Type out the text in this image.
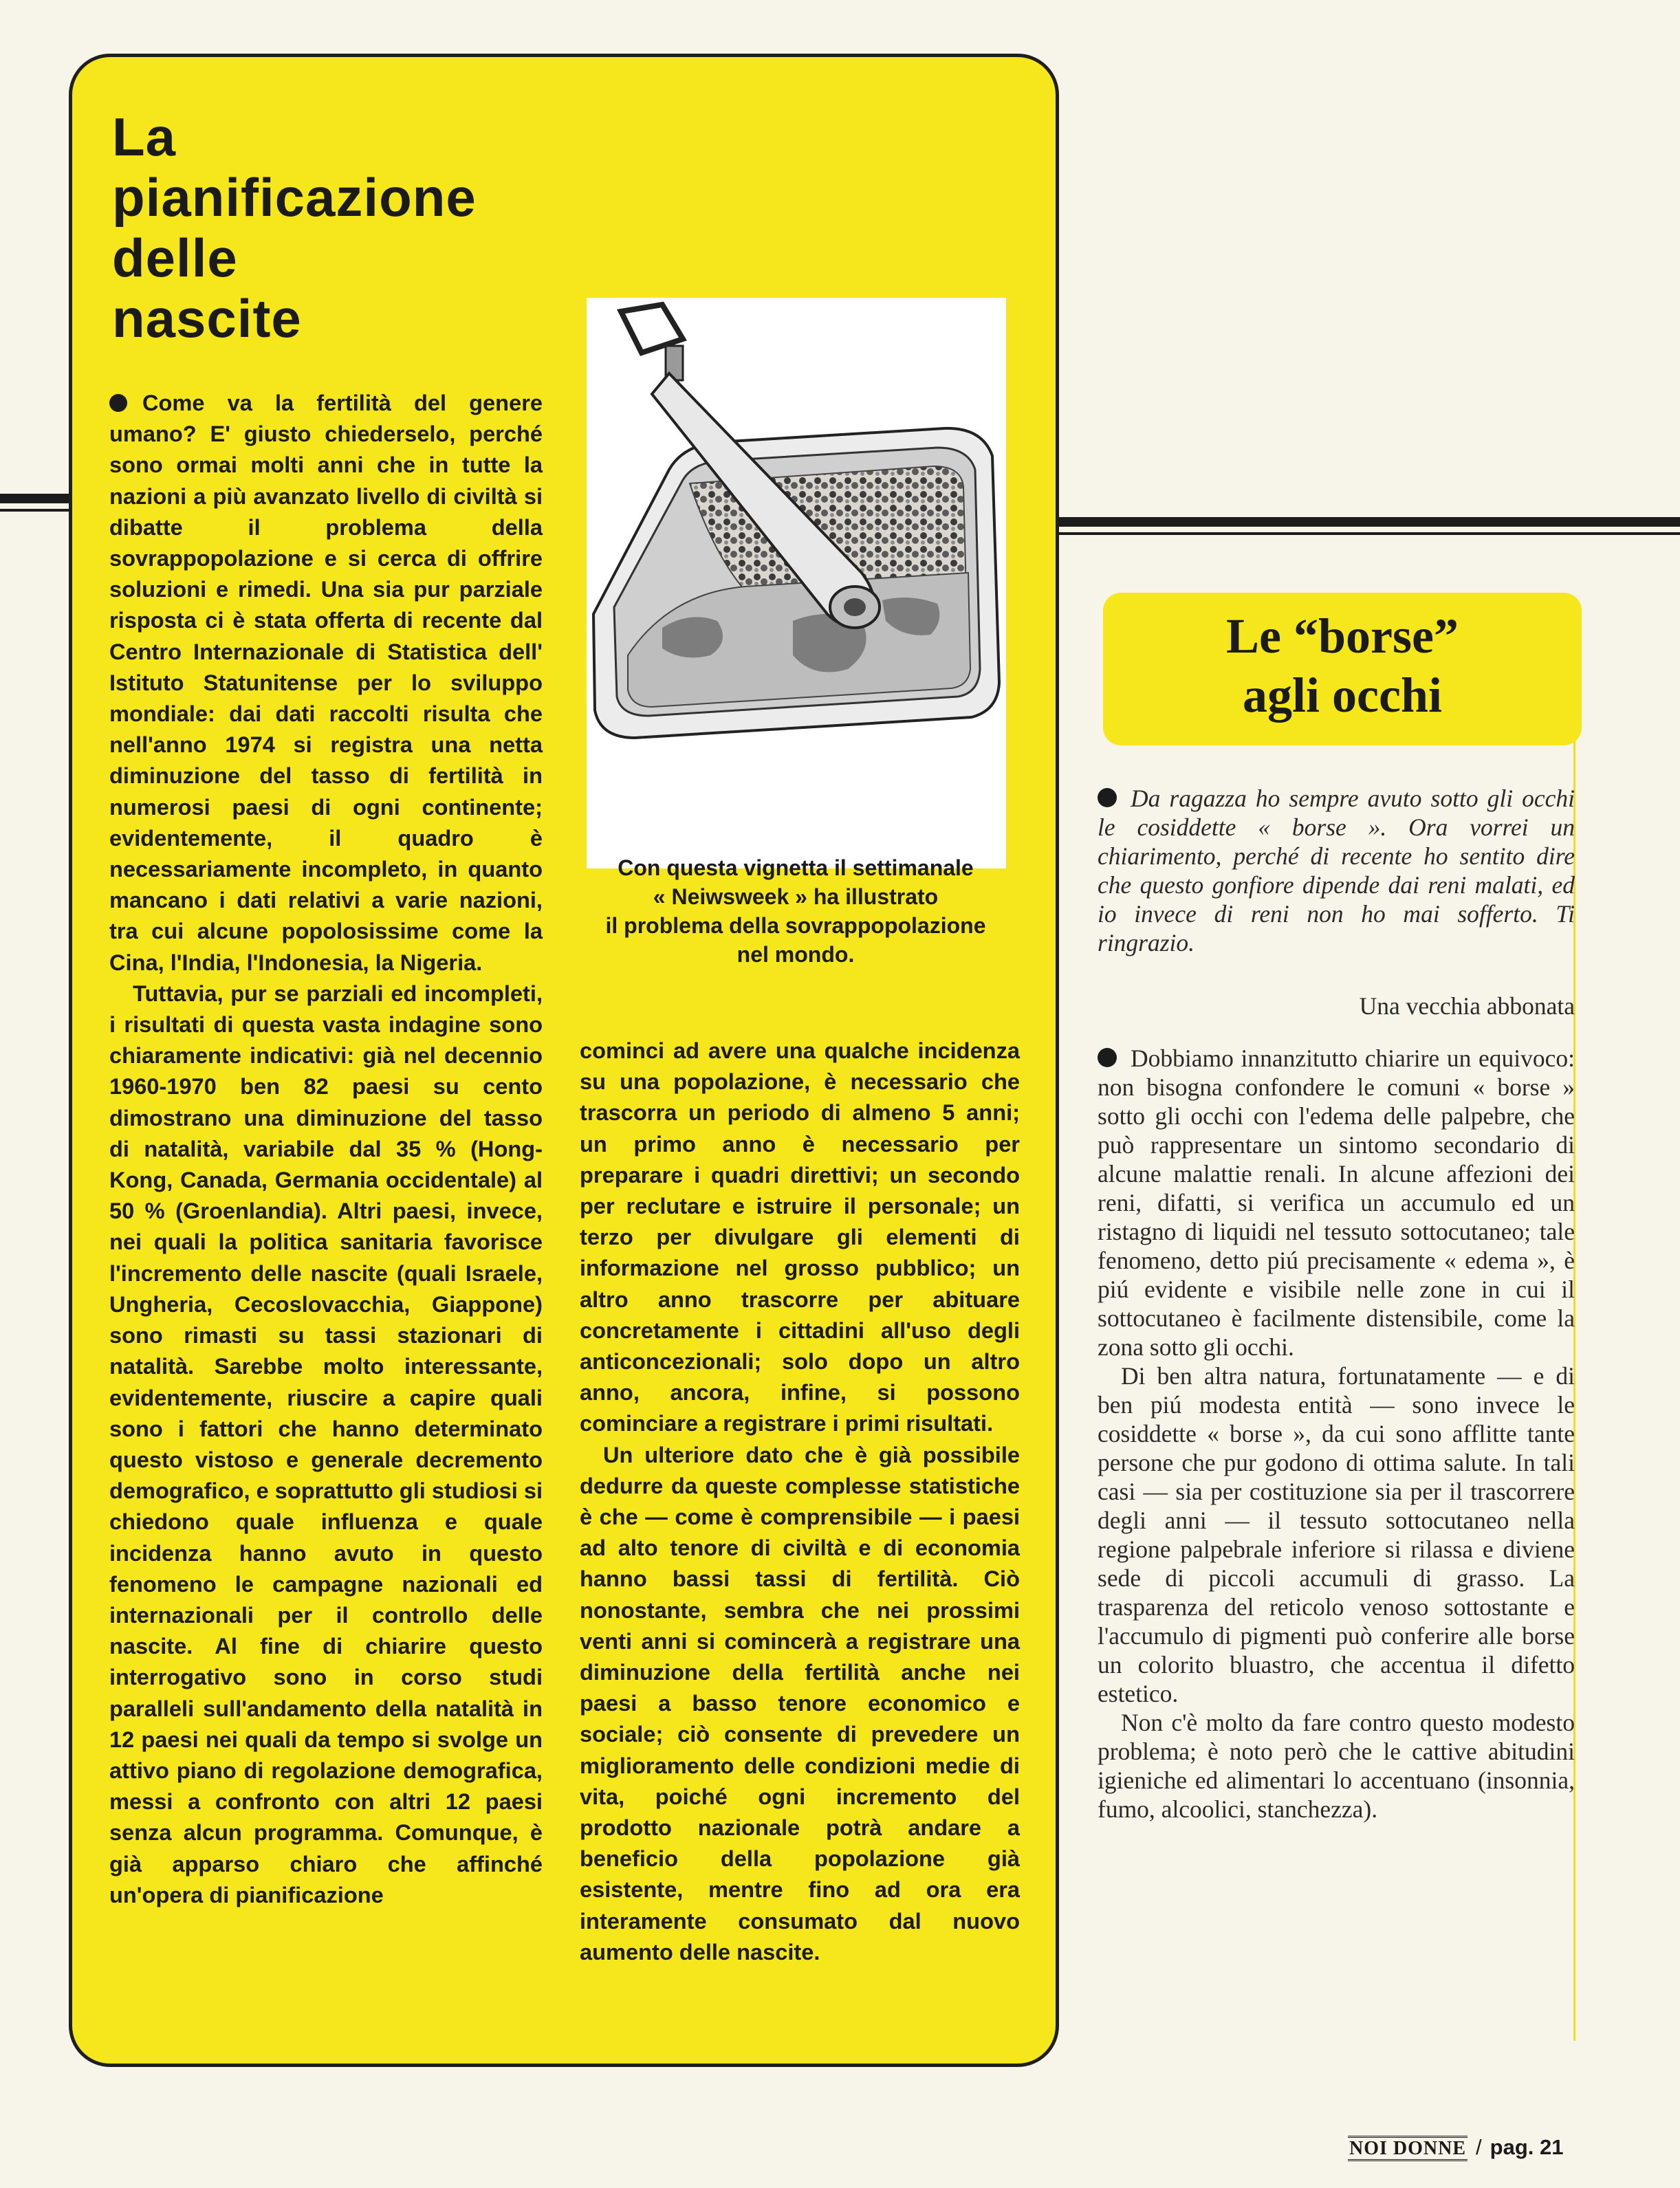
La
pianificazione
delle
nascite

Come va la fertilità del genere umano? E' giusto chiederselo, perché sono ormai molti anni che in tutte la nazioni a più avanzato livello di civiltà si dibatte il problema della sovrappopolazione e si cerca di offrire soluzioni e rimedi. Una sia pur parziale risposta ci è stata offerta di recente dal Centro Internazionale di Statistica dell' Istituto Statunitense per lo sviluppo mondiale: dai dati raccolti risulta che nell'anno 1974 si registra una netta diminuzione del tasso di fertilità in numerosi paesi di ogni continente; evidentemente, il quadro è necessariamente incompleto, in quanto mancano i dati relativi a varie nazioni, tra cui alcune popolosissime come la Cina, l'India, l'Indonesia, la Nigeria.

Tuttavia, pur se parziali ed incompleti, i risultati di questa vasta indagine sono chiaramente indicativi: già nel decennio 1960-1970 ben 82 paesi su cento dimostrano una diminuzione del tasso di natalità, variabile dal 35 % (Hong-Kong, Canada, Germania occidentale) al 50 % (Groenlandia). Altri paesi, invece, nei quali la politica sanitaria favorisce l'incremento delle nascite (quali Israele, Ungheria, Cecoslovacchia, Giappone) sono rimasti su tassi stazionari di natalità. Sarebbe molto interessante, evidentemente, riuscire a capire quali sono i fattori che hanno determinato questo vistoso e generale decremento demografico, e soprattutto gli studiosi si chiedono quale influenza e quale incidenza hanno avuto in questo fenomeno le campagne nazionali ed internazionali per il controllo delle nascite. Al fine di chiarire questo interrogativo sono in corso studi paralleli sull'andamento della natalità in 12 paesi nei quali da tempo si svolge un attivo piano di regolazione demografica, messi a confronto con altri 12 paesi senza alcun programma. Comunque, è già apparso chiaro che affinché un'opera di pianificazione

Con questa vignetta il settimanale
« Neiwsweek » ha illustrato
il problema della sovrappopolazione
nel mondo.

cominci ad avere una qualche incidenza su una popolazione, è necessario che trascorra un periodo di almeno 5 anni; un primo anno è necessario per preparare i quadri direttivi; un secondo per reclutare e istruire il personale; un terzo per divulgare gli elementi di informazione nel grosso pubblico; un altro anno trascorre per abituare concretamente i cittadini all'uso degli anticoncezionali; solo dopo un altro anno, ancora, infine, si possono cominciare a registrare i primi risultati.

Un ulteriore dato che è già possibile dedurre da queste complesse statistiche è che — come è comprensibile — i paesi ad alto tenore di civiltà e di economia hanno bassi tassi di fertilità. Ciò nonostante, sembra che nei prossimi venti anni si comincerà a registrare una diminuzione della fertilità anche nei paesi a basso tenore economico e sociale; ciò consente di prevedere un miglioramento delle condizioni medie di vita, poiché ogni incremento del prodotto nazionale potrà andare a beneficio della popolazione già esistente, mentre fino ad ora era interamente consumato dal nuovo aumento delle nascite.

Le “borse”
agli occhi

Da ragazza ho sempre avuto sotto gli occhi le cosiddette « borse ». Ora vorrei un chiarimento, perché di recente ho sentito dire che questo gonfiore dipende dai reni malati, ed io invece di reni non ho mai sofferto. Ti ringrazio.

Una vecchia abbonata

Dobbiamo innanzitutto chiarire un equivoco: non bisogna confondere le comuni « borse » sotto gli occhi con l'edema delle palpebre, che può rappresentare un sintomo secondario di alcune malattie renali. In alcune affezioni dei reni, difatti, si verifica un accumulo ed un ristagno di liquidi nel tessuto sottocutaneo; tale fenomeno, detto piú precisamente « edema », è piú evidente e visibile nelle zone in cui il sottocutaneo è facilmente distensibile, come la zona sotto gli occhi.

Di ben altra natura, fortunatamente — e di ben piú modesta entità — sono invece le cosiddette « borse », da cui sono afflitte tante persone che pur godono di ottima salute. In tali casi — sia per costituzione sia per il trascorrere degli anni — il tessuto sottocutaneo nella regione palpebrale inferiore si rilassa e diviene sede di piccoli accumuli di grasso. La trasparenza del reticolo venoso sottostante e l'accumulo di pigmenti può conferire alle borse un colorito bluastro, che accentua il difetto estetico.

Non c'è molto da fare contro questo modesto problema; è noto però che le cattive abitudini igieniche ed alimentari lo accentuano (insonnia, fumo, alcoolici, stanchezza).

NOI DONNE / pag. 21
